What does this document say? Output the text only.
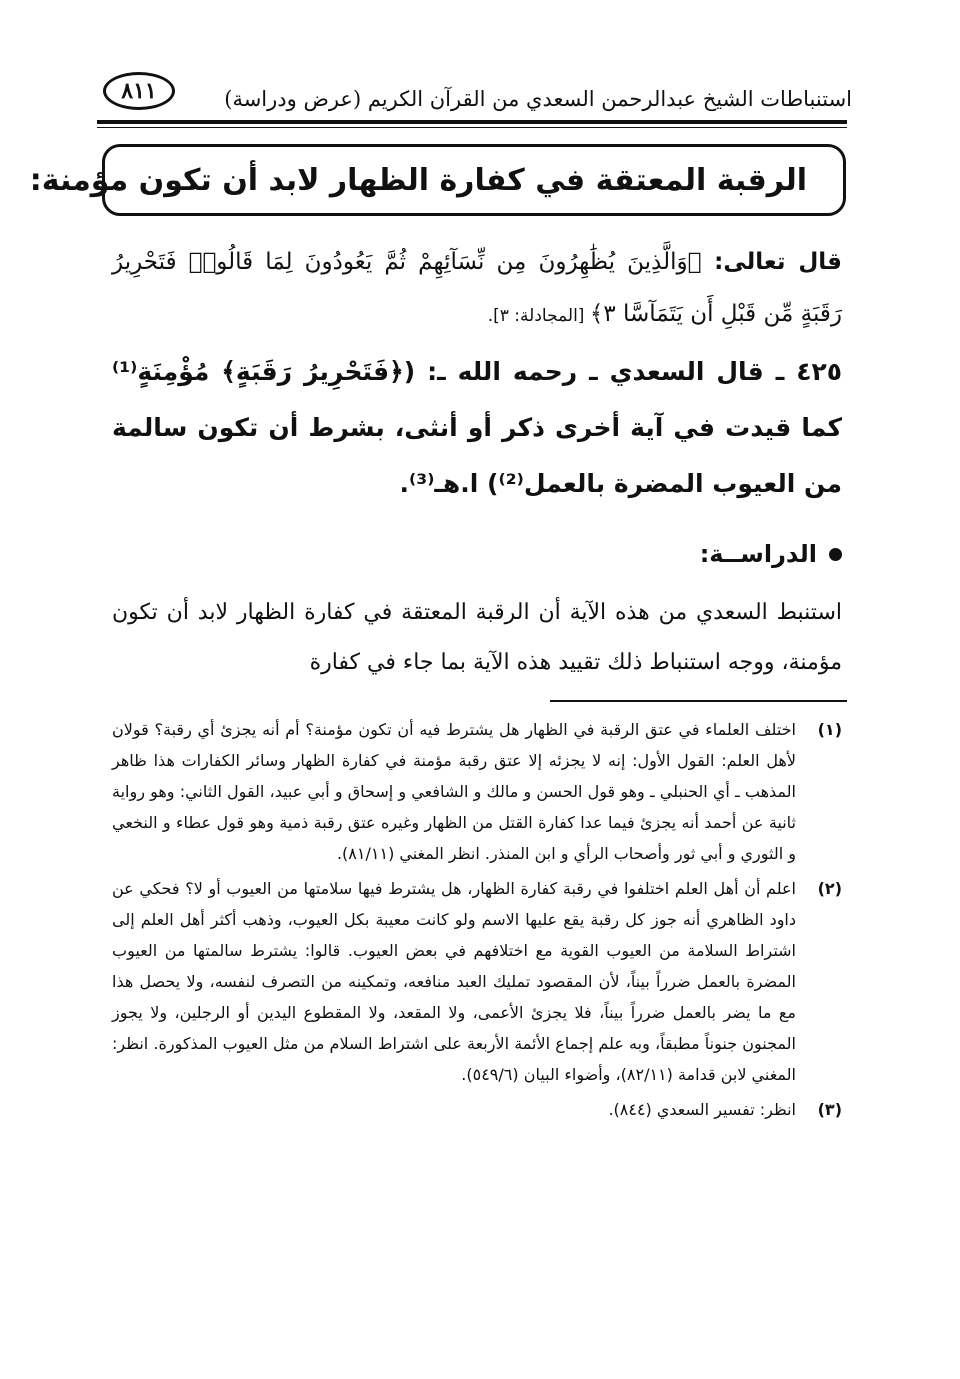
استنباطات الشيخ عبدالرحمن السعدي من القرآن الكريم (عرض ودراسة)
٨١١
الرقبة المعتقة في كفارة الظهار لابد أن تكون مؤمنة:
قال تعالى: ﴿وَالَّذِينَ يُظَٰهِرُونَ مِن نِّسَآئِهِمْ ثُمَّ يَعُودُونَ لِمَا قَالُوا۟ فَتَحْرِيرُ رَقَبَةٍ مِّن قَبْلِ أَن يَتَمَآسَّا ٣﴾ [المجادلة: ٣].
٤٢٥ ـ قال السعدي ـ رحمه الله ـ: (﴿فَتَحْرِيرُ رَقَبَةٍ﴾ مُؤْمِنَةٍ⁽¹⁾ كما قيدت في آية أخرى ذكر أو أنثى، بشرط أن تكون سالمة من العيوب المضرة بالعمل⁽²⁾) ا.هـ⁽³⁾.
الدراســة:
استنبط السعدي من هذه الآية أن الرقبة المعتقة في كفارة الظهار لابد أن تكون مؤمنة، ووجه استنباط ذلك تقييد هذه الآية بما جاء في كفارة
(١)
اختلف العلماء في عتق الرقبة في الظهار هل يشترط فيه أن تكون مؤمنة؟ أم أنه يجزئ أي رقبة؟ قولان لأهل العلم: القول الأول: إنه لا يجزئه إلا عتق رقبة مؤمنة في كفارة الظهار وسائر الكفارات هذا ظاهر المذهب ـ أي الحنبلي ـ وهو قول الحسن و مالك و الشافعي و إسحاق و أبي عبيد، القول الثاني: وهو رواية ثانية عن أحمد أنه يجزئ فيما عدا كفارة القتل من الظهار وغيره عتق رقبة ذمية وهو قول عطاء و النخعي و الثوري و أبي ثور وأصحاب الرأي و ابن المنذر. انظر المغني (٨١/١١).
(٢)
اعلم أن أهل العلم اختلفوا في رقبة كفارة الظهار، هل يشترط فيها سلامتها من العيوب أو لا؟ فحكي عن داود الظاهري أنه جوز كل رقبة يقع عليها الاسم ولو كانت معيبة بكل العيوب، وذهب أكثر أهل العلم إلى اشتراط السلامة من العيوب القوية مع اختلافهم في بعض العيوب. قالوا: يشترط سالمتها من العيوب المضرة بالعمل ضرراً بيناً، لأن المقصود تمليك العبد منافعه، وتمكينه من التصرف لنفسه، ولا يحصل هذا مع ما يضر بالعمل ضرراً بيناً، فلا يجزئ الأعمى، ولا المقعد، ولا المقطوع اليدين أو الرجلين، ولا يجوز المجنون جنوناً مطبقاً، وبه علم إجماع الأئمة الأربعة على اشتراط السلام من مثل العيوب المذكورة. انظر: المغني لابن قدامة (٨٢/١١)، وأضواء البيان (٥٤٩/٦).
(٣)
انظر: تفسير السعدي (٨٤٤).
